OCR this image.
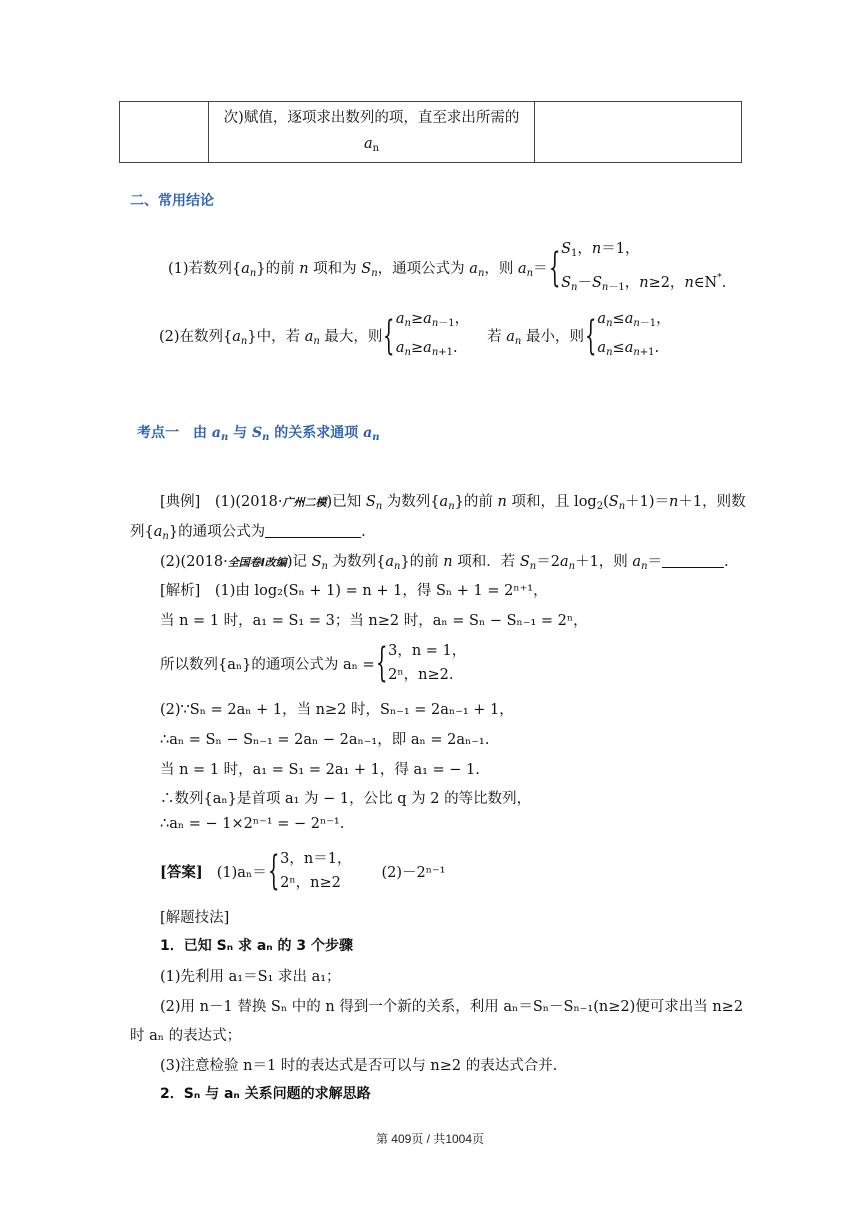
次)赋值，逐项求出数列的项，直至求出所需的
$a_n$

二、常用结论
(1)若数列$\{a_n\}$的前 n 项和为 $S_n$，通项公式为 $a_n$，则 $a_n=$ { $S_1$，n＝1，
$S_n-S_{n-1}$，n≥2，n∈N*.
(2)在数列$\{a_n\}$中，若 $a_n$ 最大，则 { $a_n\ge a_{n-1}$，
$a_n\ge a_{n+1}$.
若 $a_n$ 最小，则 { $a_n\le a_{n-1}$，
$a_n\le a_{n+1}$.
考点一　由 $a_n$ 与 $S_n$ 的关系求通项 $a_n$
[典例]　(1)(2018·广州二模)已知 $S_n$ 为数列$\{a_n\}$的前 n 项和，且 $\log_2(S_n+1)=n+1$，则数
列$\{a_n\}$的通项公式为	.
(2)(2018·全国卷Ⅰ改编)记 $S_n$ 为数列$\{a_n\}$的前 n 项和．若 $S_n=2a_n+1$，则 $a_n=$	.
[解析]　(1)由 log₂(Sₙ + 1) = n + 1，得 Sₙ + 1 = 2ⁿ⁺¹，
当 n = 1 时，a₁ = S₁ = 3；当 n≥2 时，aₙ = Sₙ − Sₙ₋₁ = 2ⁿ，
所以数列{aₙ}的通项公式为 aₙ = { 3，n = 1，
2ⁿ，n≥2.
(2)∵Sₙ = 2aₙ + 1，当 n≥2 时，Sₙ₋₁ = 2aₙ₋₁ + 1，
∴aₙ = Sₙ − Sₙ₋₁ = 2aₙ − 2aₙ₋₁，即 aₙ = 2aₙ₋₁.
当 n = 1 时，a₁ = S₁ = 2a₁ + 1，得 a₁ = − 1.
∴数列{aₙ}是首项 a₁ 为 − 1，公比 q 为 2 的等比数列，
∴aₙ = − 1×2ⁿ⁻¹ = − 2ⁿ⁻¹.
[答案] (1)aₙ＝ { 3，n＝1，
2ⁿ，n≥2
(2)－2ⁿ⁻¹
[解题技法]
1．已知 Sₙ 求 aₙ 的 3 个步骤
(1)先利用 a₁＝S₁ 求出 a₁；
(2)用 n－1 替换 Sₙ 中的 n 得到一个新的关系，利用 aₙ＝Sₙ－Sₙ₋₁(n≥2)便可求出当 n≥2
时 aₙ 的表达式；
(3)注意检验 n＝1 时的表达式是否可以与 n≥2 的表达式合并.
2．Sₙ 与 aₙ 关系问题的求解思路
第 409页 / 共1004页
